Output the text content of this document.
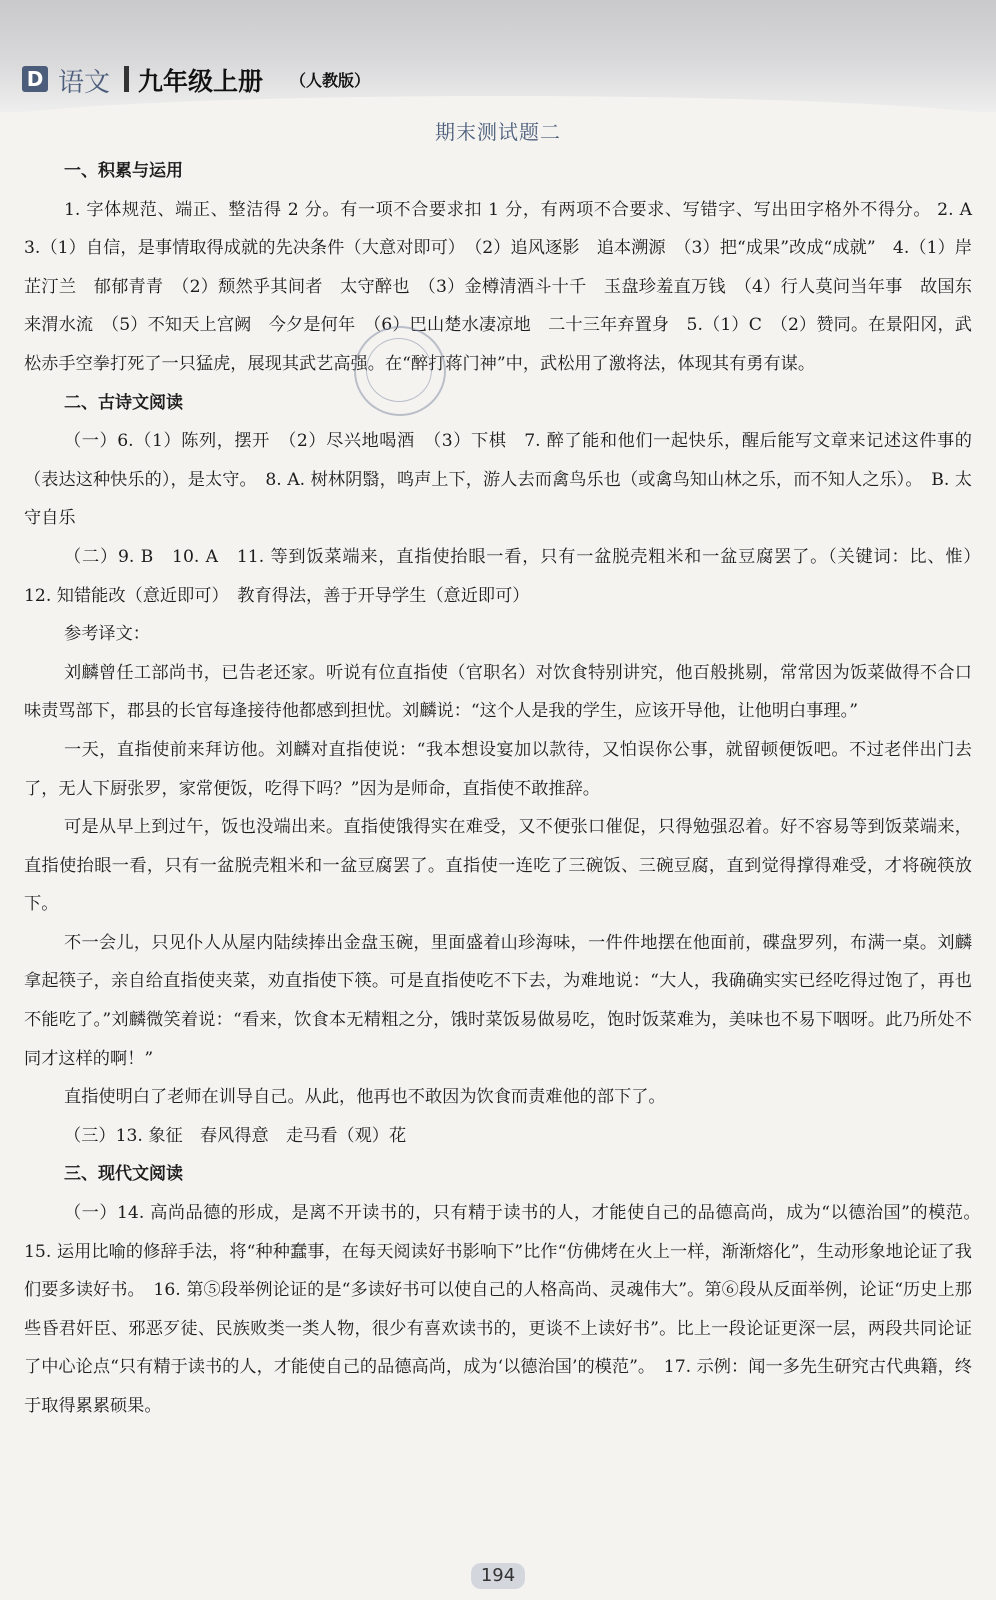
D 语文 九年级上册 （人教版）
期末测试题二

一、积累与运用

1. 字体规范、端正、整洁得 2 分。有一项不合要求扣 1 分，有两项不合要求、写错字、写出田字格外不得分。 2. A　3.（1）自信，是事情取得成就的先决条件（大意对即可）　（2）追风逐影　追本溯源　（3）把“成果”改成“成就”　4.（1）岸芷汀兰　郁郁青青　（2）颓然乎其间者　太守醉也　（3）金樽清酒斗十千　玉盘珍羞直万钱　（4）行人莫问当年事　故国东来渭水流　（5）不知天上宫阙　今夕是何年　（6）巴山楚水凄凉地　二十三年弃置身　5.（1）C　（2）赞同。在景阳冈，武松赤手空拳打死了一只猛虎，展现其武艺高强。在“醉打蒋门神”中，武松用了激将法，体现其有勇有谋。

二、古诗文阅读

（一）6.（1）陈列，摆开　（2）尽兴地喝酒　（3）下棋　7. 醉了能和他们一起快乐，醒后能写文章来记述这件事的（表达这种快乐的），是太守。　8. A. 树林阴翳，鸣声上下，游人去而禽鸟乐也（或禽鸟知山林之乐，而不知人之乐）。　B. 太守自乐

（二）9. B　10. A　11. 等到饭菜端来，直指使抬眼一看，只有一盆脱壳粗米和一盆豆腐罢了。（关键词：比、惟）　12. 知错能改（意近即可）　教育得法，善于开导学生（意近即可）

参考译文：

刘麟曾任工部尚书，已告老还家。听说有位直指使（官职名）对饮食特别讲究，他百般挑剔，常常因为饭菜做得不合口味责骂部下，郡县的长官每逢接待他都感到担忧。刘麟说：“这个人是我的学生，应该开导他，让他明白事理。”

一天，直指使前来拜访他。刘麟对直指使说：“我本想设宴加以款待，又怕误你公事，就留顿便饭吧。不过老伴出门去了，无人下厨张罗，家常便饭，吃得下吗？”因为是师命，直指使不敢推辞。

可是从早上到过午，饭也没端出来。直指使饿得实在难受，又不便张口催促，只得勉强忍着。好不容易等到饭菜端来，直指使抬眼一看，只有一盆脱壳粗米和一盆豆腐罢了。直指使一连吃了三碗饭、三碗豆腐，直到觉得撑得难受，才将碗筷放下。

不一会儿，只见仆人从屋内陆续捧出金盘玉碗，里面盛着山珍海味，一件件地摆在他面前，碟盘罗列，布满一桌。刘麟拿起筷子，亲自给直指使夹菜，劝直指使下筷。可是直指使吃不下去，为难地说：“大人，我确确实实已经吃得过饱了，再也不能吃了。”刘麟微笑着说：“看来，饮食本无精粗之分，饿时菜饭易做易吃，饱时饭菜难为，美味也不易下咽呀。此乃所处不同才这样的啊！”

直指使明白了老师在训导自己。从此，他再也不敢因为饮食而责难他的部下了。

（三）13. 象征　春风得意　走马看（观）花

三、现代文阅读

（一）14. 高尚品德的形成，是离不开读书的，只有精于读书的人，才能使自己的品德高尚，成为“以德治国”的模范。　15. 运用比喻的修辞手法，将“种种蠢事，在每天阅读好书影响下”比作“仿佛烤在火上一样，渐渐熔化”，生动形象地论证了我们要多读好书。　16. 第⑤段举例论证的是“多读好书可以使自己的人格高尚、灵魂伟大”。第⑥段从反面举例，论证“历史上那些昏君奸臣、邪恶歹徒、民族败类一类人物，很少有喜欢读书的，更谈不上读好书”。比上一段论证更深一层，两段共同论证了中心论点“只有精于读书的人，才能使自己的品德高尚，成为‘以德治国’的模范”。　17. 示例：闻一多先生研究古代典籍，终于取得累累硕果。

194
